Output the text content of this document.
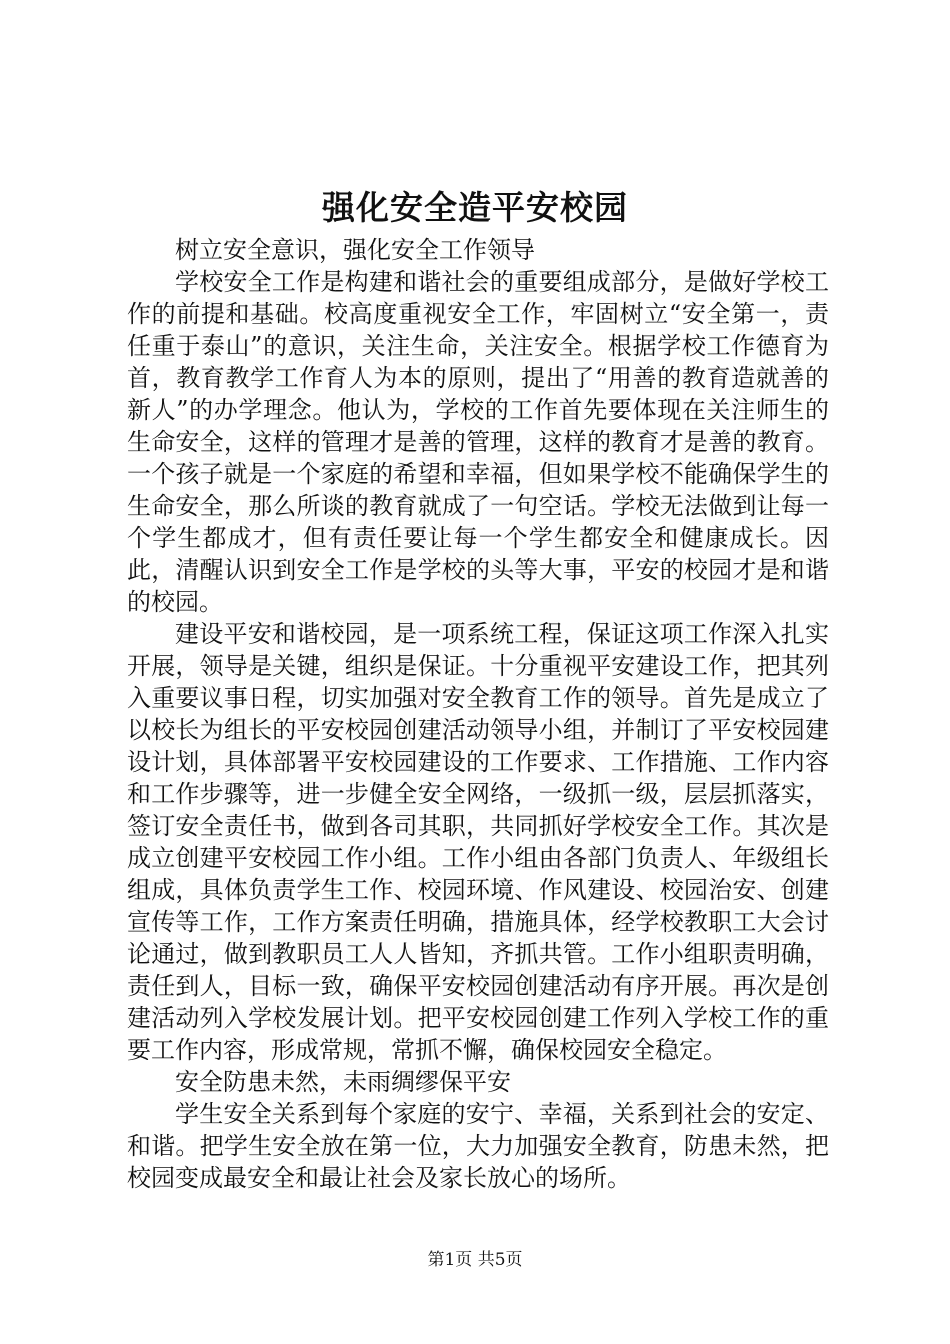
强化安全造平安校园

树立安全意识，强化安全工作领导

学校安全工作是构建和谐社会的重要组成部分，是做好学校工作的前提和基础。校高度重视安全工作，牢固树立“安全第一，责任重于泰山”的意识，关注生命，关注安全。根据学校工作德育为首，教育教学工作育人为本的原则，提出了“用善的教育造就善的新人”的办学理念。他认为，学校的工作首先要体现在关注师生的生命安全，这样的管理才是善的管理，这样的教育才是善的教育。一个孩子就是一个家庭的希望和幸福，但如果学校不能确保学生的生命安全，那么所谈的教育就成了一句空话。学校无法做到让每一个学生都成才，但有责任要让每一个学生都安全和健康成长。因此，清醒认识到安全工作是学校的头等大事，平安的校园才是和谐的校园。

建设平安和谐校园，是一项系统工程，保证这项工作深入扎实开展，领导是关键，组织是保证。十分重视平安建设工作，把其列入重要议事日程，切实加强对安全教育工作的领导。首先是成立了以校长为组长的平安校园创建活动领导小组，并制订了平安校园建设计划，具体部署平安校园建设的工作要求、工作措施、工作内容和工作步骤等，进一步健全安全网络，一级抓一级，层层抓落实，签订安全责任书，做到各司其职，共同抓好学校安全工作。其次是成立创建平安校园工作小组。工作小组由各部门负责人、年级组长组成，具体负责学生工作、校园环境、作风建设、校园治安、创建宣传等工作，工作方案责任明确，措施具体，经学校教职工大会讨论通过，做到教职员工人人皆知，齐抓共管。工作小组职责明确，责任到人，目标一致，确保平安校园创建活动有序开展。再次是创建活动列入学校发展计划。把平安校园创建工作列入学校工作的重要工作内容，形成常规，常抓不懈，确保校园安全稳定。

安全防患未然，未雨绸缪保平安

学生安全关系到每个家庭的安宁、幸福，关系到社会的安定、和谐。把学生安全放在第一位，大力加强安全教育，防患未然，把校园变成最安全和最让社会及家长放心的场所。

第1页 共5页
